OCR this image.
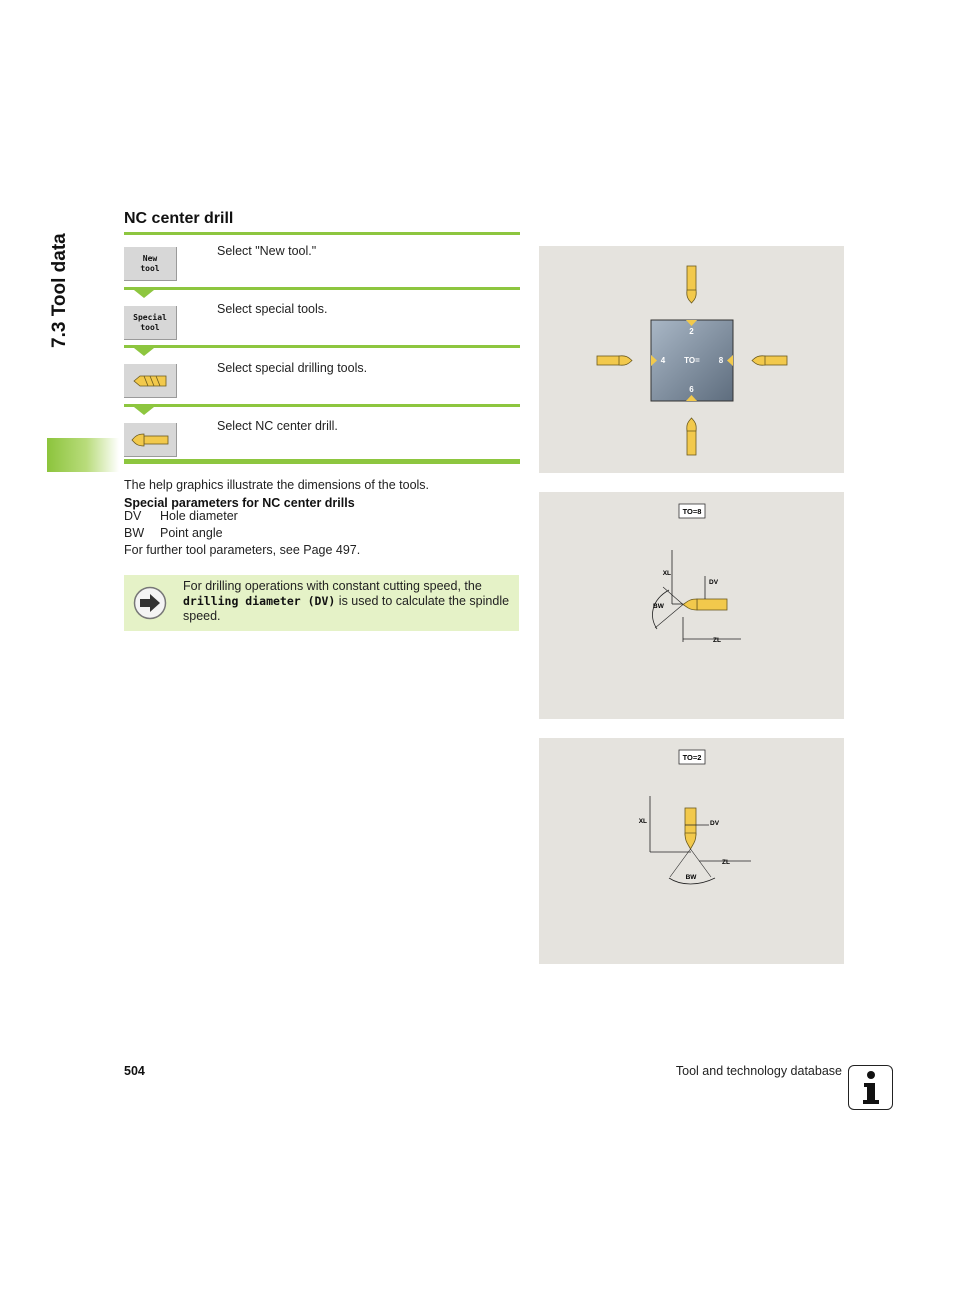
7.3 Tool data
NC center drill
New
tool
Select "New tool."
Special
tool
Select special tools.
Select special drilling tools.
Select NC center drill.
The help graphics illustrate the dimensions of the tools.
Special parameters for NC center drills
DV Hole diameter
BW Point angle
For further tool parameters, see Page 497.
For drilling operations with constant cutting speed, the drilling diameter (DV) is used to calculate the spindle speed.
2
4 TO= 8
6
TO=8
XL
DV
ZL
BW
TO=2
XL	DV
ZL
BW
504	Tool and technology database
